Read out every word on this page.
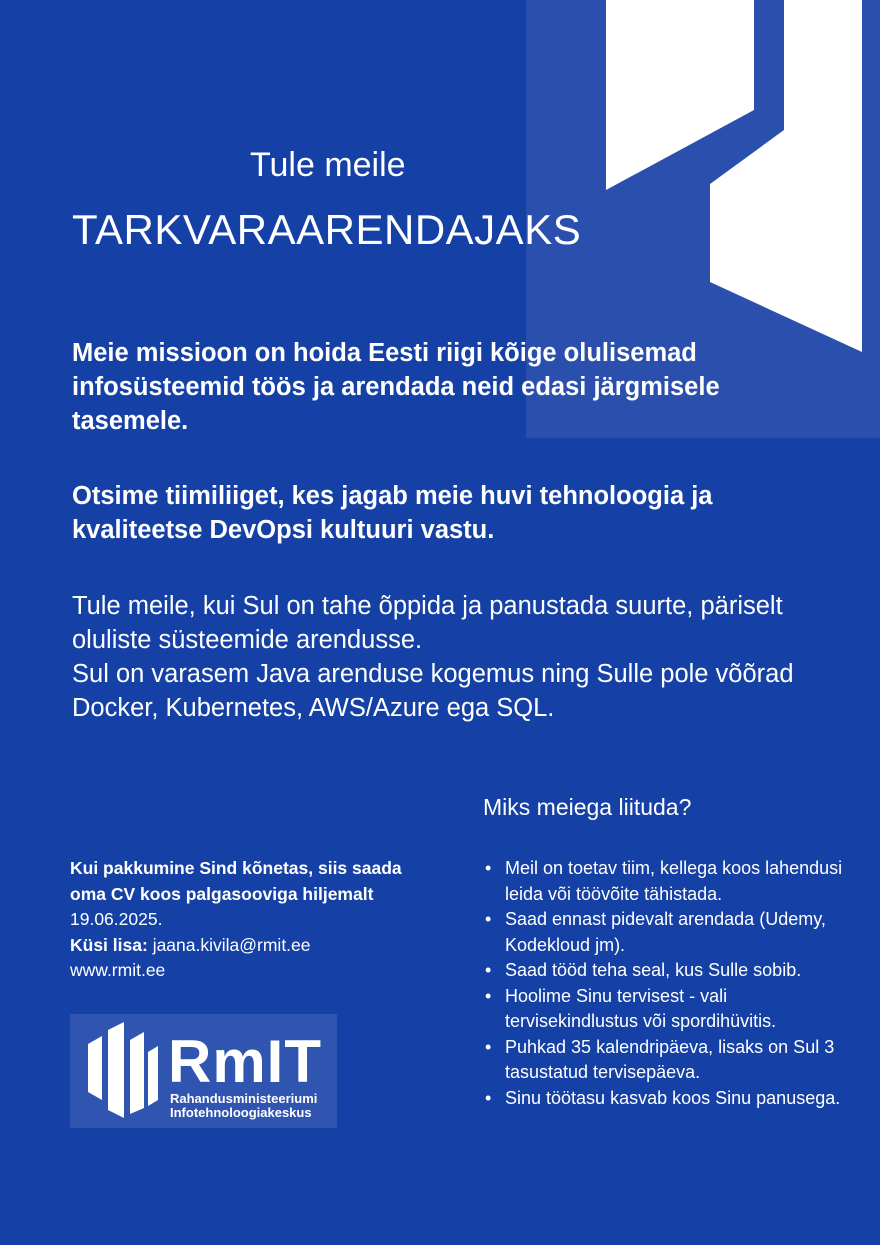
Tule meile
TARKVARAARENDAJAKS

Meie missioon on hoida Eesti riigi kõige olulisemad infosüsteemid töös ja arendada neid edasi järgmisele tasemele.

Otsime tiimiliiget, kes jagab meie huvi tehnoloogia ja kvaliteetse DevOpsi kultuuri vastu.

Tule meile, kui Sul on tahe õppida ja panustada suurte, päriselt oluliste süsteemide arendusse.

Sul on varasem Java arenduse kogemus ning Sulle pole võõrad Docker, Kubernetes, AWS/Azure ega SQL.

Miks meiega liituda?
• Meil on toetav tiim, kellega koos lahendusi leida või töövõite tähistada.
• Saad ennast pidevalt arendada (Udemy, Kodekloud jm).
• Saad tööd teha seal, kus Sulle sobib.
• Hoolime Sinu tervisest - vali tervisekindlustus või spordihüvitis.
• Puhkad 35 kalendripäeva, lisaks on Sul 3 tasustatud tervisepäeva.
• Sinu töötasu kasvab koos Sinu panusega.
Kui pakkumine Sind kõnetas, siis saada oma CV koos palgasooviga hiljemalt 19.06.2025.
Küsi lisa: jaana.kivila@rmit.ee
www.rmit.ee
RmIT
Rahandusministeeriumi
Infotehnoloogiakeskus
